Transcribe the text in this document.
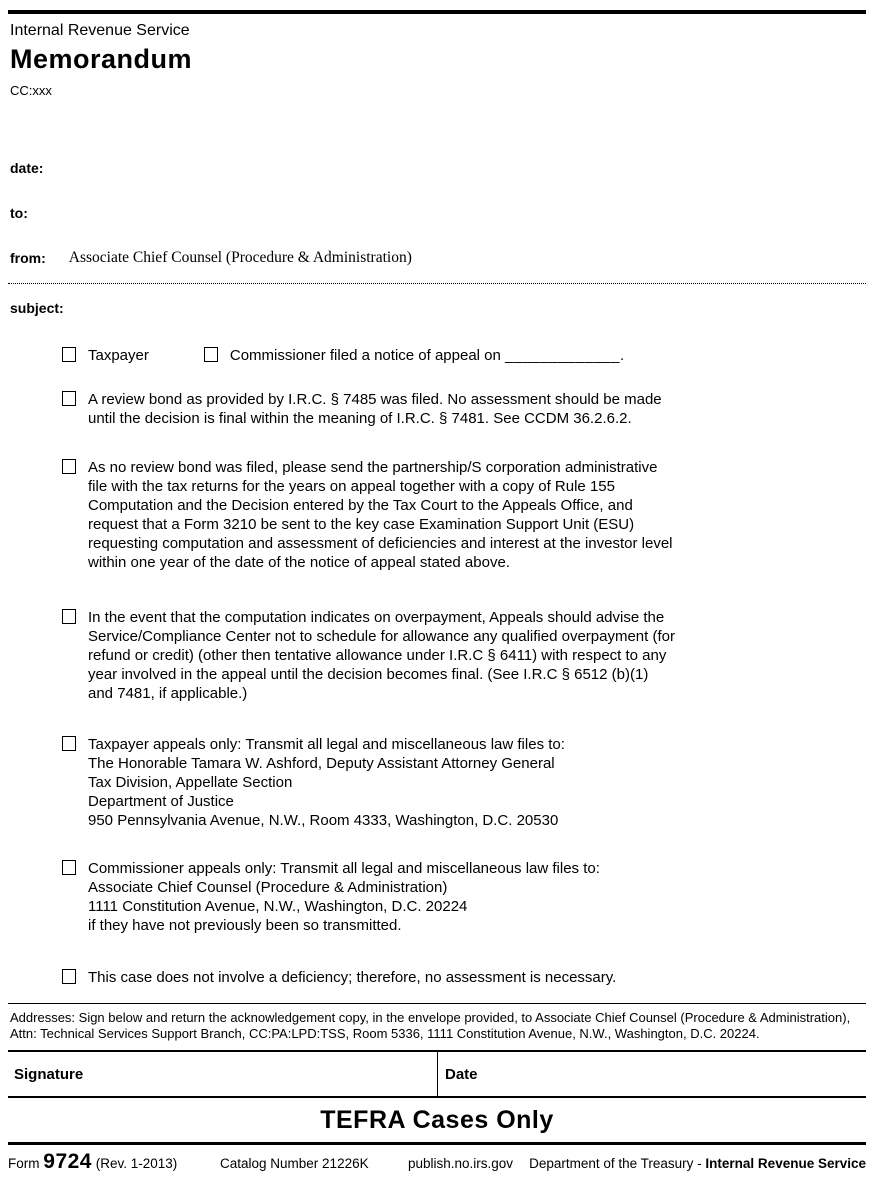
Internal Revenue Service
Memorandum
CC:xxx
date:
to:
from: Associate Chief Counsel (Procedure & Administration)
subject:
Taxpayer	Commissioner filed a notice of appeal on _____________.
A review bond as provided by I.R.C. § 7485 was filed. No assessment should be made
until the decision is final within the meaning of I.R.C. § 7481. See CCDM 36.2.6.2.
As no review bond was filed, please send the partnership/S corporation administrative
file with the tax returns for the years on appeal together with a copy of Rule 155
Computation and the Decision entered by the Tax Court to the Appeals Office, and
request that a Form 3210 be sent to the key case Examination Support Unit (ESU)
requesting computation and assessment of deficiencies and interest at the investor level
within one year of the date of the notice of appeal stated above.
In the event that the computation indicates on overpayment, Appeals should advise the
Service/Compliance Center not to schedule for allowance any qualified overpayment (for
refund or credit) (other then tentative allowance under I.R.C § 6411) with respect to any
year involved in the appeal until the decision becomes final. (See I.R.C § 6512 (b)(1)
and 7481, if applicable.)
Taxpayer appeals only: Transmit all legal and miscellaneous law files to:
The Honorable Tamara W. Ashford, Deputy Assistant Attorney General
Tax Division, Appellate Section
Department of Justice
950 Pennsylvania Avenue, N.W., Room 4333, Washington, D.C. 20530
Commissioner appeals only: Transmit all legal and miscellaneous law files to:
Associate Chief Counsel (Procedure & Administration)
1111 Constitution Avenue, N.W., Washington, D.C. 20224
if they have not previously been so transmitted.
This case does not involve a deficiency; therefore, no assessment is necessary.
Addresses: Sign below and return the acknowledgement copy, in the envelope provided, to Associate Chief Counsel (Procedure & Administration),
Attn: Technical Services Support Branch, CC:PA:LPD:TSS, Room 5336, 1111 Constitution Avenue, N.W., Washington, D.C. 20224.
Signature	Date
TEFRA Cases Only
Form 9724 (Rev. 1-2013)	Catalog Number 21226K	publish.no.irs.gov Department of the Treasury - Internal Revenue Service
